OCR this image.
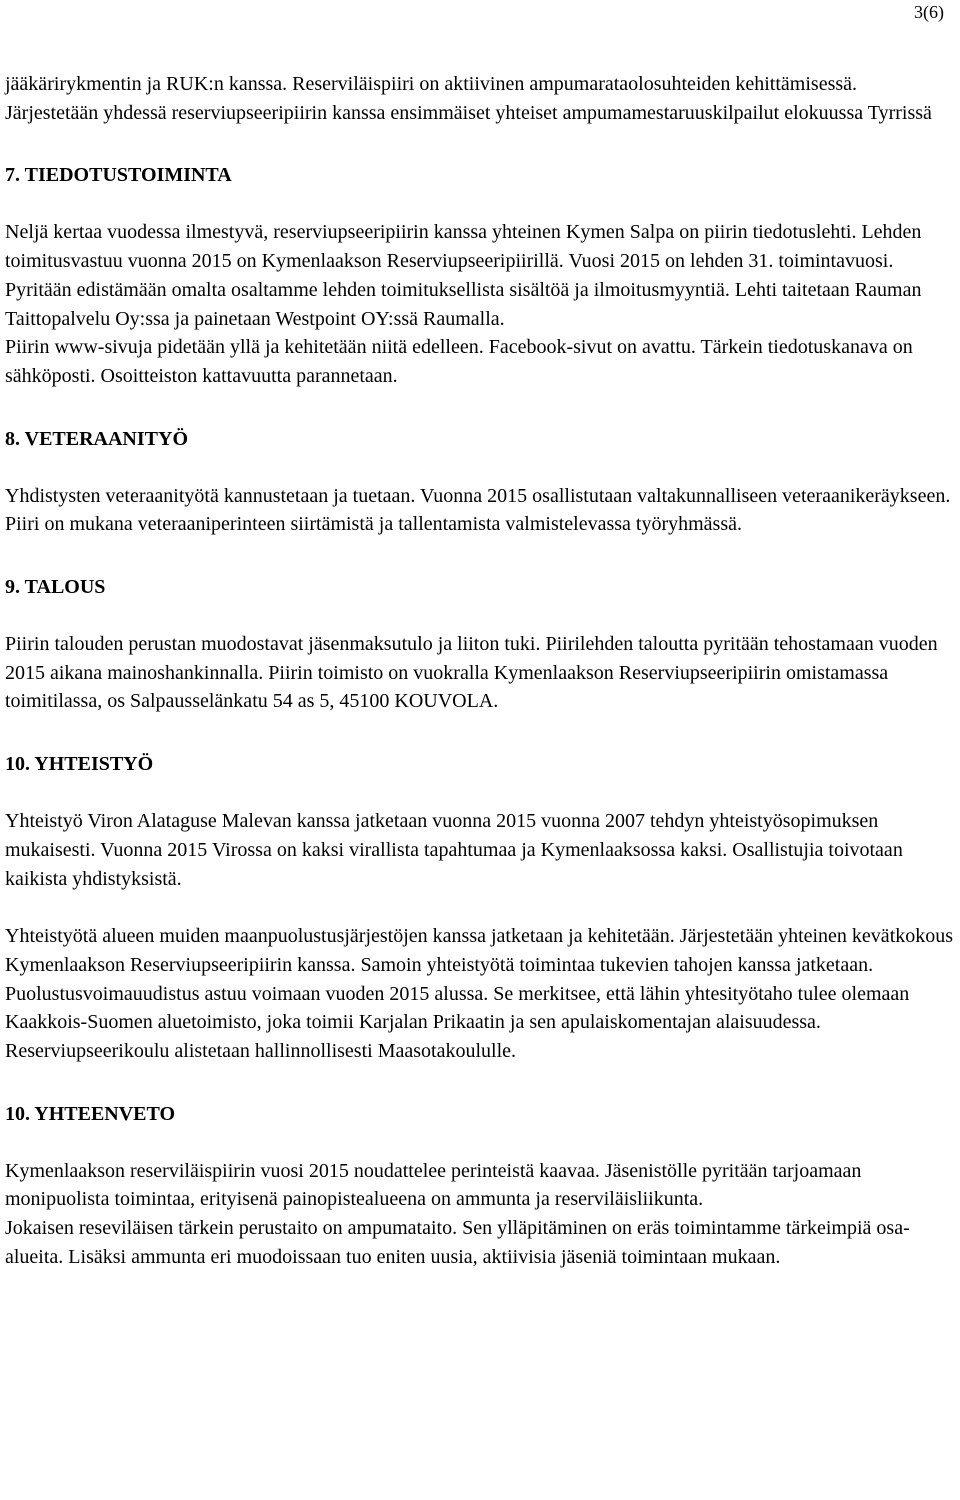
3(6)

jääkärirykmentin ja RUK:n kanssa. Reserviläispiiri on aktiivinen ampumarataolosuhteiden kehittämisessä.

Järjestetään yhdessä reserviupseeripiirin kanssa ensimmäiset yhteiset ampumamestaruuskilpailut elokuussa Tyrrissä

7. TIEDOTUSTOIMINTA

Neljä kertaa vuodessa ilmestyvä, reserviupseeripiirin kanssa yhteinen Kymen Salpa on piirin tiedotuslehti. Lehden toimitusvastuu vuonna 2015 on Kymenlaakson Reserviupseeripiirillä. Vuosi 2015 on lehden 31. toimintavuosi. Pyritään edistämään omalta osaltamme lehden toimituksellista sisältöä ja ilmoitusmyyntiä. Lehti taitetaan Rauman Taittopalvelu Oy:ssa ja painetaan Westpoint OY:ssä Raumalla.

Piirin www-sivuja pidetään yllä ja kehitetään niitä edelleen. Facebook-sivut on avattu. Tärkein tiedotuskanava on sähköposti. Osoitteiston kattavuutta parannetaan.

8. VETERAANITYÖ

Yhdistysten veteraanityötä kannustetaan ja tuetaan. Vuonna 2015 osallistutaan valtakunnalliseen veteraanikeräykseen. Piiri on mukana veteraaniperinteen siirtämistä ja tallentamista valmistelevassa työryhmässä.

9. TALOUS

Piirin talouden perustan muodostavat jäsenmaksutulo ja liiton tuki. Piirilehden taloutta pyritään tehostamaan vuoden 2015 aikana mainoshankinnalla. Piirin toimisto on vuokralla Kymenlaakson Reserviupseeripiirin omistamassa toimitilassa, os Salpausselänkatu 54 as 5, 45100 KOUVOLA.

10. YHTEISTYÖ

Yhteistyö Viron Alataguse Malevan kanssa jatketaan vuonna 2015 vuonna 2007 tehdyn yhteistyösopimuksen mukaisesti. Vuonna 2015 Virossa on kaksi virallista tapahtumaa ja Kymenlaaksossa kaksi. Osallistujia toivotaan kaikista yhdistyksistä.

Yhteistyötä alueen muiden maanpuolustusjärjestöjen kanssa jatketaan ja kehitetään. Järjestetään yhteinen kevätkokous Kymenlaakson Reserviupseeripiirin kanssa. Samoin yhteistyötä toimintaa tukevien tahojen kanssa jatketaan. Puolustusvoimauudistus astuu voimaan vuoden 2015 alussa. Se merkitsee, että lähin yhtesityötaho tulee olemaan Kaakkois-Suomen aluetoimisto, joka toimii Karjalan Prikaatin ja sen apulaiskomentajan alaisuudessa. Reserviupseerikoulu alistetaan hallinnollisesti Maasotakoululle.

10. YHTEENVETO

Kymenlaakson reserviläispiirin vuosi 2015 noudattelee perinteistä kaavaa. Jäsenistölle pyritään tarjoamaan monipuolista toimintaa, erityisenä painopistealueena on ammunta ja reserviläisliikunta.

Jokaisen reseviläisen tärkein perustaito on ampumataito. Sen ylläpitäminen on eräs toimintamme tärkeimpiä osa-alueita. Lisäksi ammunta eri muodoissaan tuo eniten uusia, aktiivisia jäseniä toimintaan mukaan.
